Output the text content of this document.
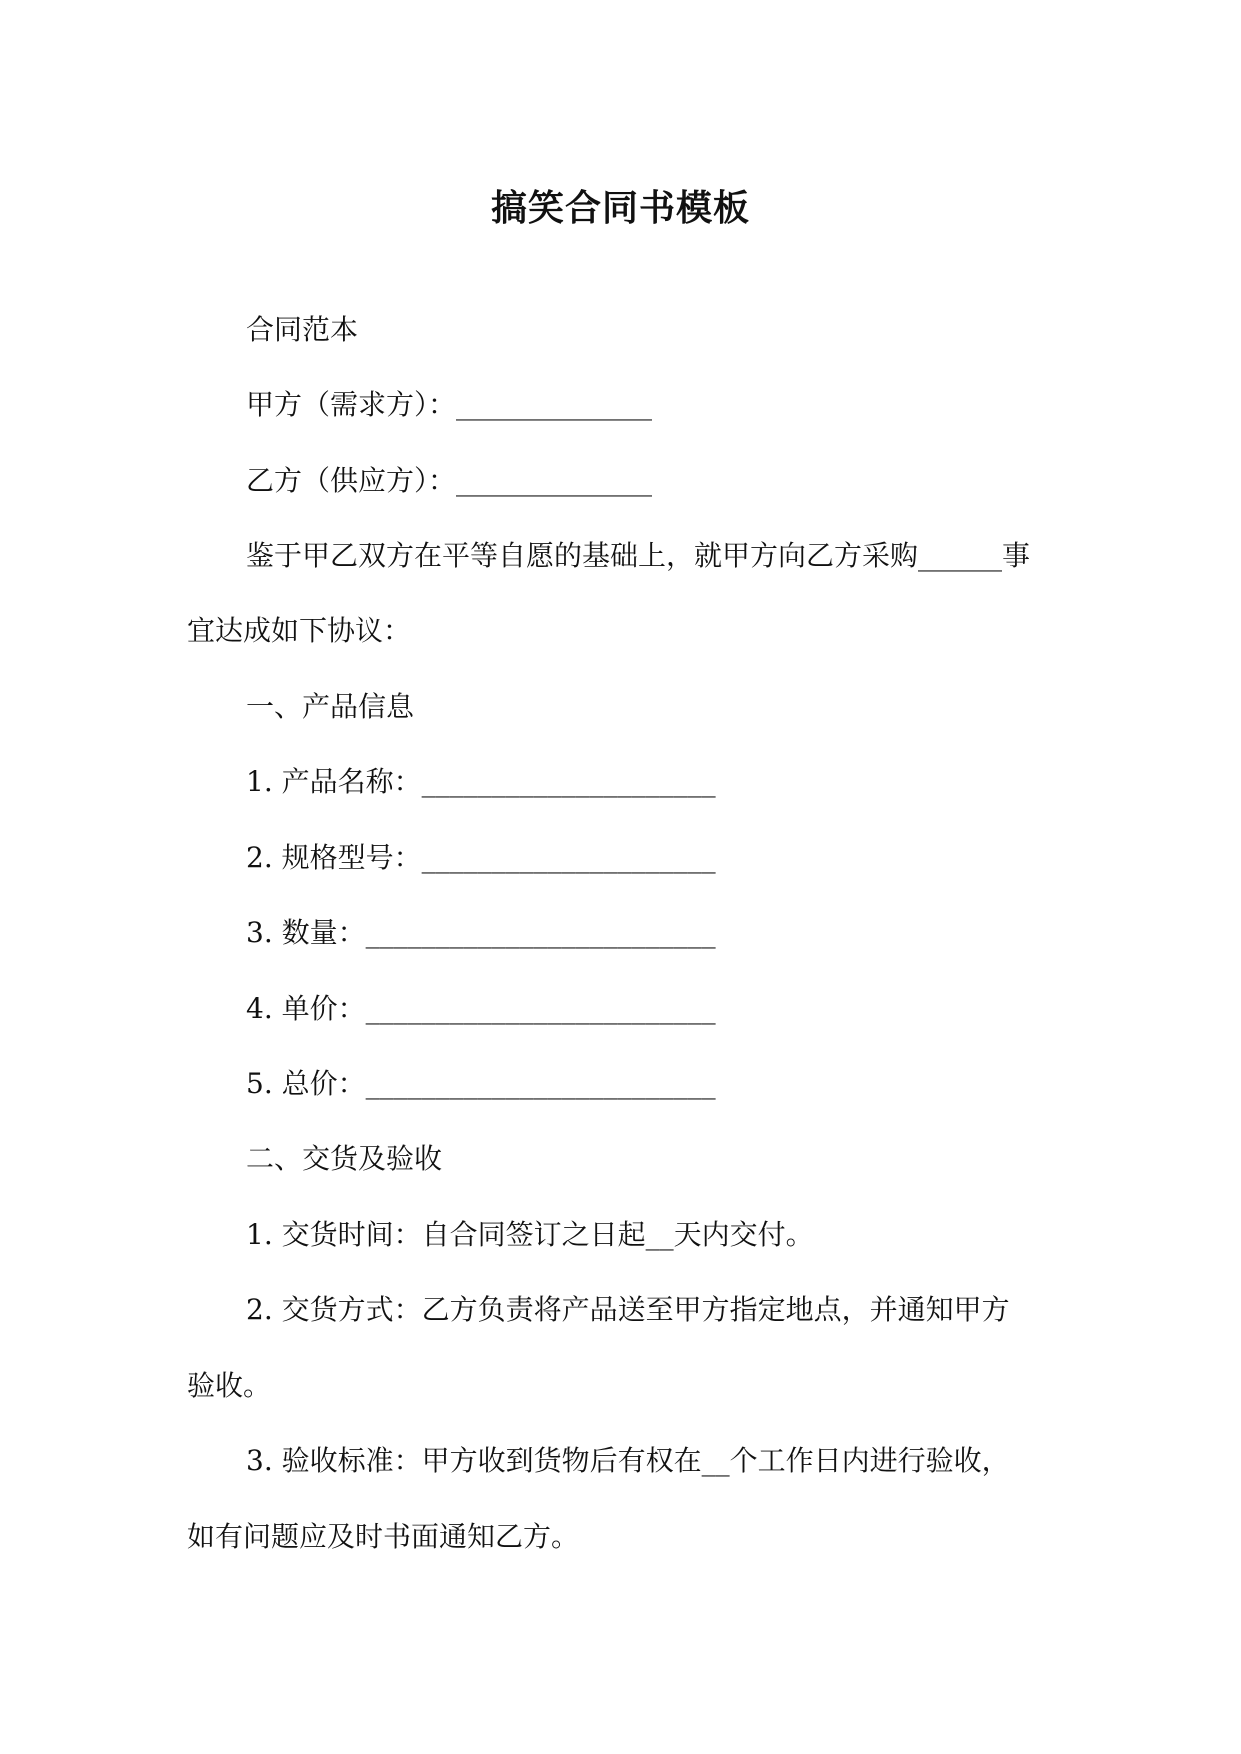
搞笑合同书模板
合同范本
甲方（需求方）：______________
乙方（供应方）：______________
鉴于甲乙双方在平等自愿的基础上，就甲方向乙方采购______事
宜达成如下协议：
一、产品信息
1. 产品名称：_____________________
2. 规格型号：_____________________
3. 数量：_________________________
4. 单价：_________________________
5. 总价：_________________________
二、交货及验收
1. 交货时间：自合同签订之日起__天内交付。
2. 交货方式：乙方负责将产品送至甲方指定地点，并通知甲方
验收。
3. 验收标准：甲方收到货物后有权在__个工作日内进行验收，
如有问题应及时书面通知乙方。
